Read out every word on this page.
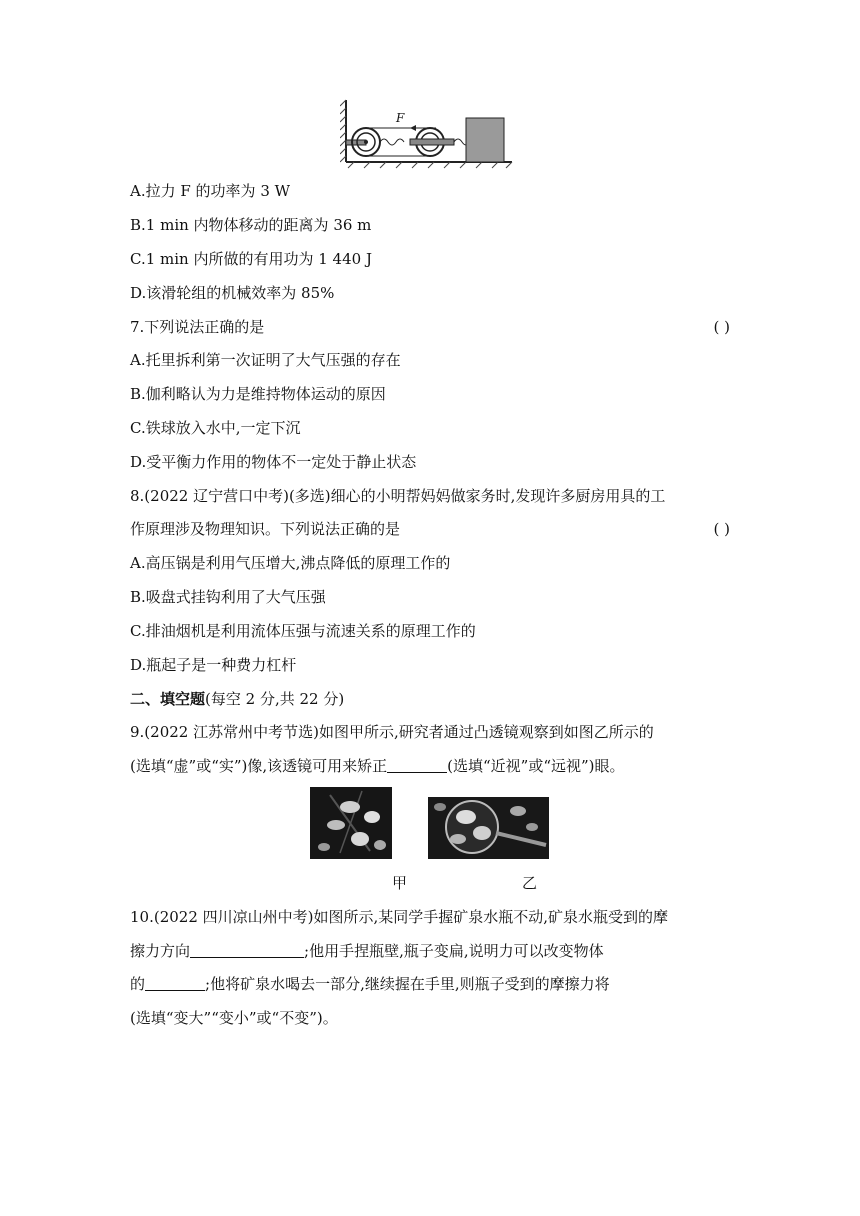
F
A.拉力 F 的功率为 3 W
B.1 min 内物体移动的距离为 36 m
C.1 min 内所做的有用功为 1 440 J
D.该滑轮组的机械效率为 85%
7.下列说法正确的是	( )
A.托里拆利第一次证明了大气压强的存在
B.伽利略认为力是维持物体运动的原因
C.铁球放入水中,一定下沉
D.受平衡力作用的物体不一定处于静止状态
8.(2022 辽宁营口中考)(多选)细心的小明帮妈妈做家务时,发现许多厨房用具的工
作原理涉及物理知识。下列说法正确的是	( )
A.高压锅是利用气压增大,沸点降低的原理工作的
B.吸盘式挂钩利用了大气压强
C.排油烟机是利用流体压强与流速关系的原理工作的
D.瓶起子是一种费力杠杆
二、填空题(每空 2 分,共 22 分)
9.(2022 江苏常州中考节选)如图甲所示,研究者通过凸透镜观察到如图乙所示的
(选填“虚”或“实”)像,该透镜可用来矫正	(选填“近视”或“远视”)眼。
甲	乙
10.(2022 四川凉山州中考)如图所示,某同学手握矿泉水瓶不动,矿泉水瓶受到的摩
擦力方向	;他用手捏瓶壁,瓶子变扁,说明力可以改变物体
的	;他将矿泉水喝去一部分,继续握在手里,则瓶子受到的摩擦力将
(选填“变大”“变小”或“不变”)。
